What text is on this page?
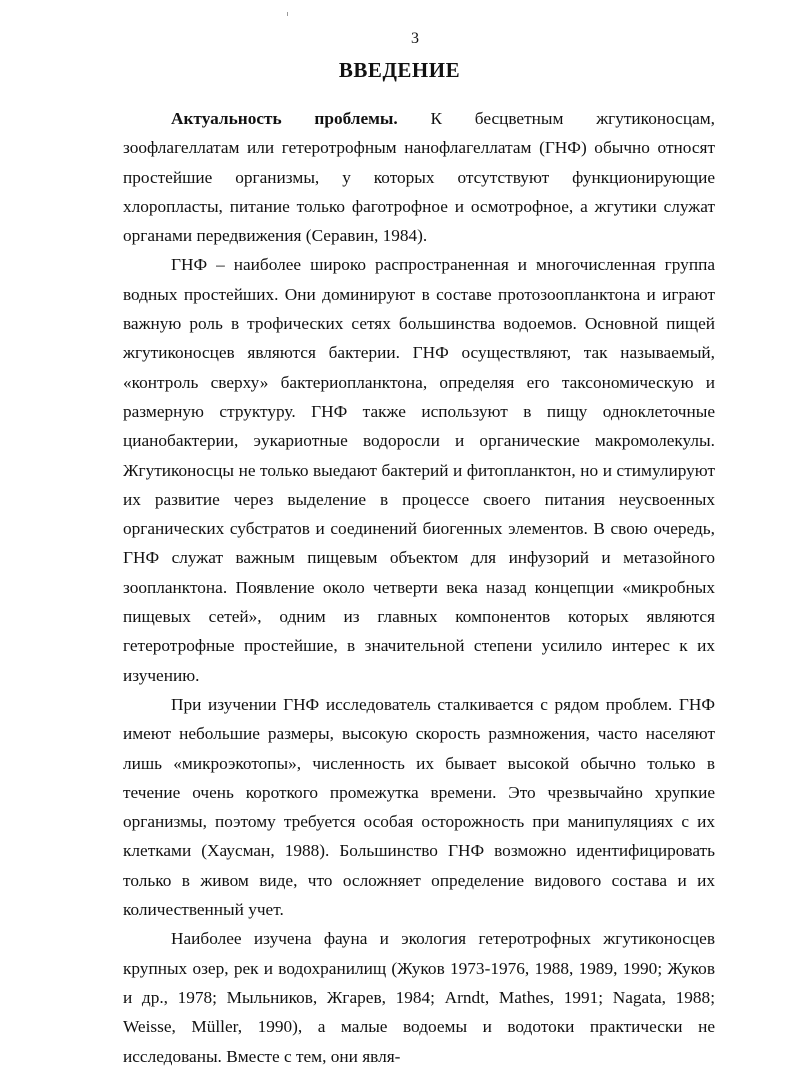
3
ВВЕДЕНИЕ

Актуальность проблемы. К бесцветным жгутиконосцам, зоофлагеллатам или гетеротрофным нанофлагеллатам (ГНФ) обычно относят простейшие организмы, у которых отсутствуют функционирующие хлоропласты, питание только фаготрофное и осмотрофное, а жгутики служат органами передвижения (Серавин, 1984).

ГНФ – наиболее широко распространенная и многочисленная группа водных простейших. Они доминируют в составе протозоопланктона и играют важную роль в трофических сетях большинства водоемов. Основной пищей жгутиконосцев являются бактерии. ГНФ осуществляют, так называемый, «контроль сверху» бактериопланктона, определяя его таксономическую и размерную структуру. ГНФ также используют в пищу одноклеточные цианобактерии, эукариотные водоросли и органические макромолекулы. Жгутиконосцы не только выедают бактерий и фитопланктон, но и стимулируют их развитие через выделение в процессе своего питания неусвоенных органических субстратов и соединений биогенных элементов. В свою очередь, ГНФ служат важным пищевым объектом для инфузорий и метазойного зоопланктона. Появление около четверти века назад концепции «микробных пищевых сетей», одним из главных компонентов которых являются гетеротрофные простейшие, в значительной степени усилило интерес к их изучению.

При изучении ГНФ исследователь сталкивается с рядом проблем. ГНФ имеют небольшие размеры, высокую скорость размножения, часто населяют лишь «микроэкотопы», численность их бывает высокой обычно только в течение очень короткого промежутка времени. Это чрезвычайно хрупкие организмы, поэтому требуется особая осторожность при манипуляциях с их клетками (Хаусман, 1988). Большинство ГНФ возможно идентифицировать только в живом виде, что осложняет определение видового состава и их количественный учет.

Наиболее изучена фауна и экология гетеротрофных жгутиконосцев крупных озер, рек и водохранилищ (Жуков 1973-1976, 1988, 1989, 1990; Жуков и др., 1978; Мыльников, Жгарев, 1984; Arndt, Mathes, 1991; Nagata, 1988; Weisse, Müller, 1990), а малые водоемы и водотоки практически не исследованы. Вместе с тем, они явля-
